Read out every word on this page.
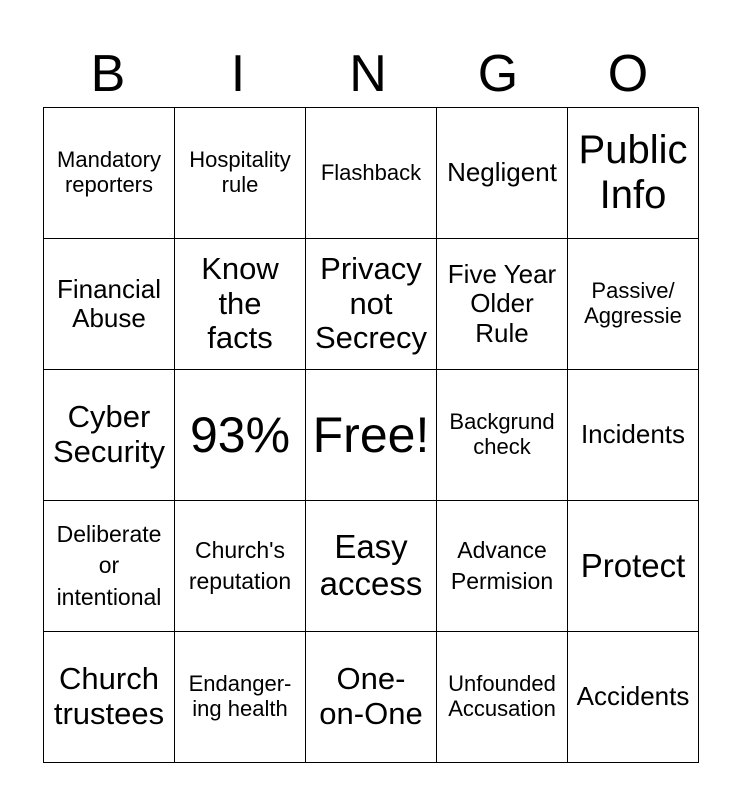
B	I	N	G	O
Mandatory
reporters	Hospitality
rule	Flashback	Negligent	Public
Info

Financial
Abuse	Know
the
facts	Privacy
not
Secrecy	Five Year
Older
Rule	Passive/
Aggressie

Cyber
Security	93%	Free!	Backgrund
check	Incidents

Deliberate
or
intentional	Church's
reputation	Easy
access	Advance
Permision	Protect

Church
trustees	Endanger-
ing health	One-
on-One	Unfounded
Accusation	Accidents
